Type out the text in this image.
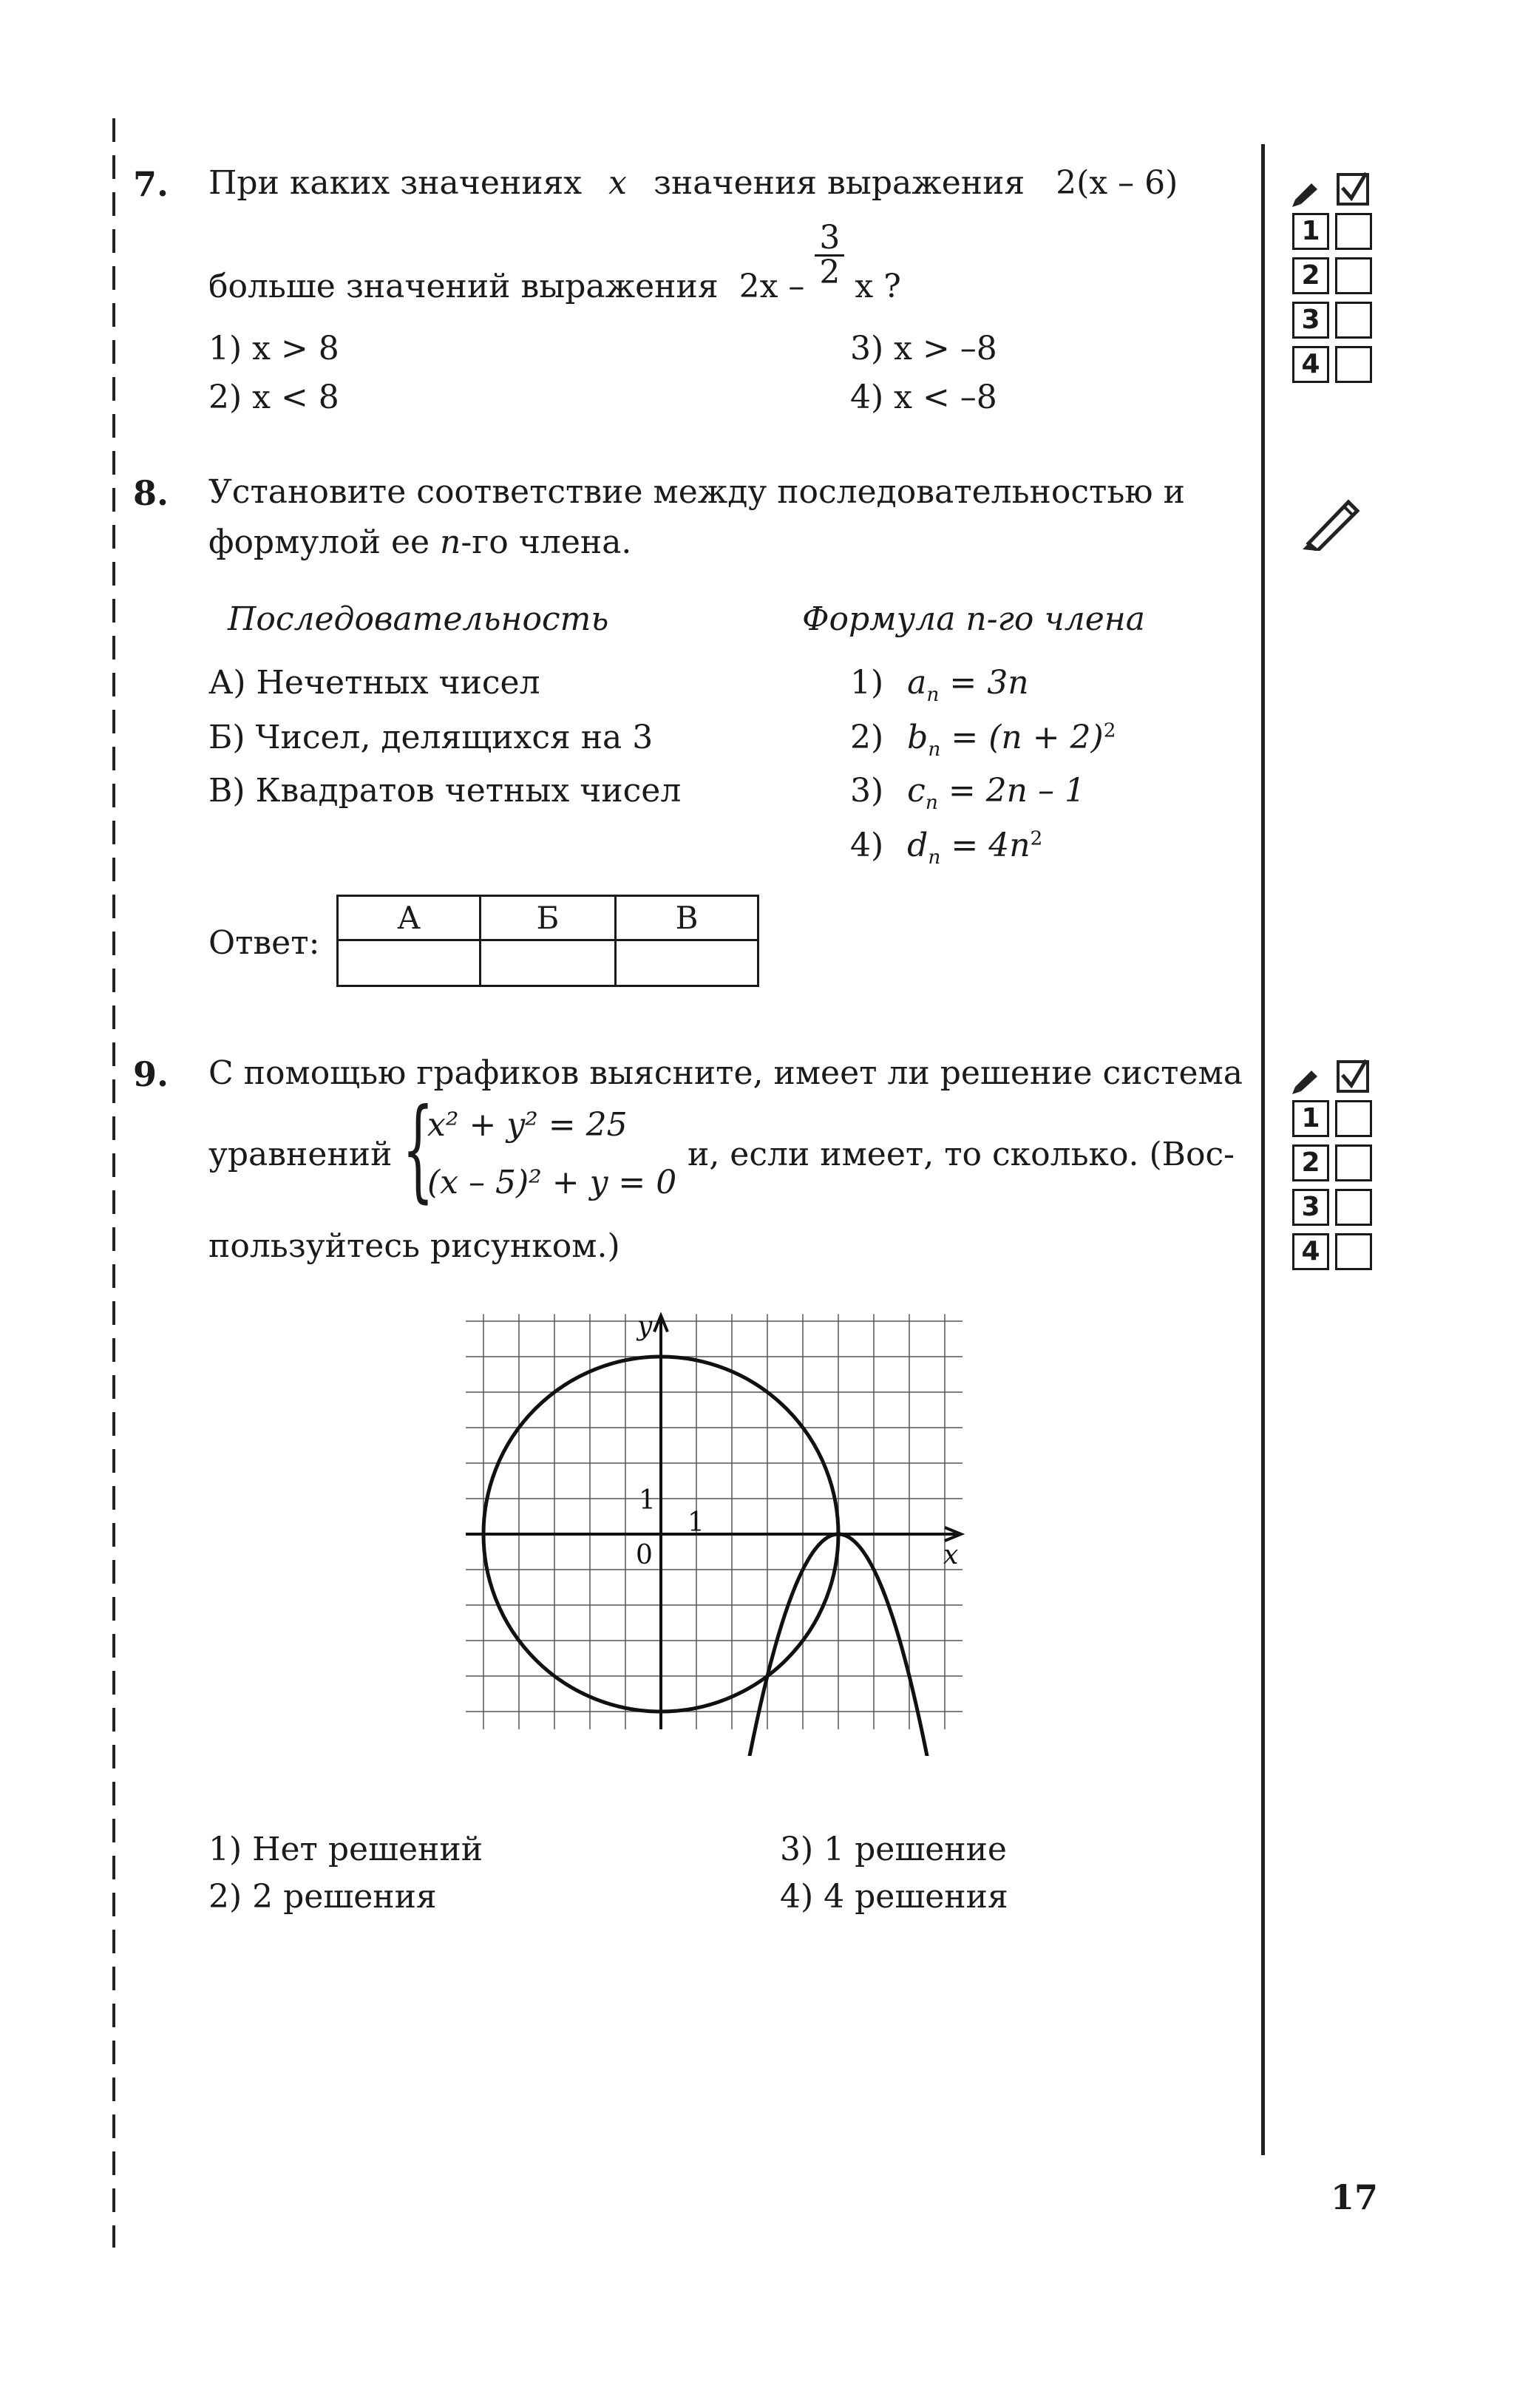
7. При каких значениях x значения выражения 2(x – 6)
больше значений выражения $2x - \frac{3}{2}$ x ?
1) x > 8	3) x > –8
2) x < 8	4) x < –8
1
2
3
4
8. Установите соответствие между последовательностью и
формулой ее n-го члена.
Последовательность	Формула n-го члена
А) Нечетных чисел
Б) Чисел, делящихся на 3
В) Квадратов четных чисел
1) $a_n = 3n$
2) $b_n = (n + 2)^2$
3) $c_n = 2n - 1$
4) $d_n = 4n^2$
Ответ:
А	Б	В

9. С помощью графиков выясните, имеет ли решение система
уравнений {
x² + y² = 25
(x – 5)² + y = 0
и, если имеет, то сколько. (Вос-
пользуйтесь рисунком.)
y
x
0
1
1
1) Нет решений	3) 1 решение
2) 2 решения	4) 4 решения
1
2
3
4
17
